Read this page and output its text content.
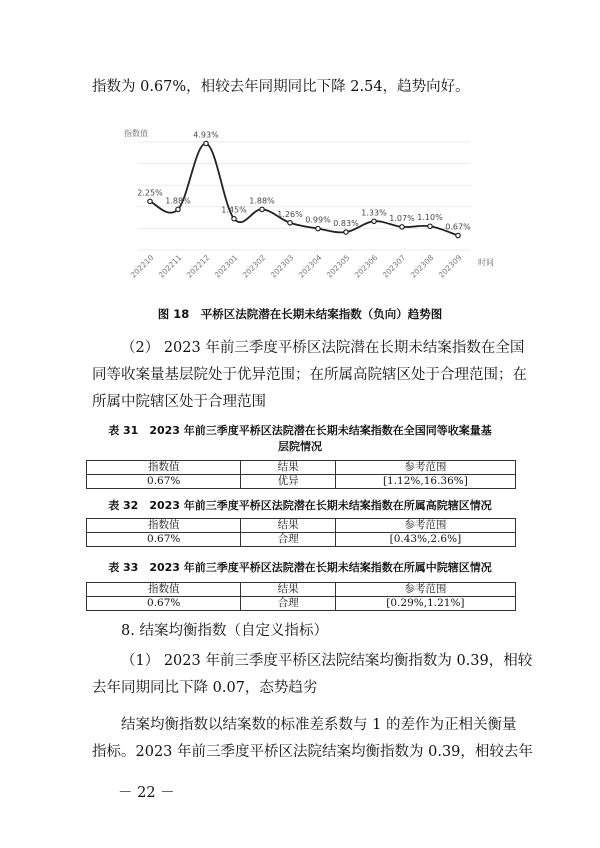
指数为 0.67%，相较去年同期同比下降 2.54，趋势向好。
指数值
时间
2.25%
1.88%
4.93%
1.45%
1.88%
1.26%
0.99% 0.83%
1.33%
1.07% 1.10%
0.67%
202210 202211 202212 202301 202302 202303 202304 202305 202306 202307 202308 202309
图 18　平桥区法院潜在长期未结案指数（负向）趋势图
（2） 2023 年前三季度平桥区法院潜在长期未结案指数在全国
同等收案量基层院处于优异范围；在所属高院辖区处于合理范围；在
所属中院辖区处于合理范围
表 31　2023 年前三季度平桥区法院潜在长期未结案指数在全国同等收案量基
层院情况
指数值	结果	参考范围
0.67%	优异	[1.12%,16.36%]
表 32　2023 年前三季度平桥区法院潜在长期未结案指数在所属高院辖区情况
指数值	结果	参考范围
0.67%	合理	[0.43%,2.6%]
表 33　2023 年前三季度平桥区法院潜在长期未结案指数在所属中院辖区情况
指数值	结果	参考范围
0.67%	合理	[0.29%,1.21%]
8. 结案均衡指数（自定义指标）
（1） 2023 年前三季度平桥区法院结案均衡指数为 0.39，相较
去年同期同比下降 0.07，态势趋劣
结案均衡指数以结案数的标准差系数与 1 的差作为正相关衡量
指标。2023 年前三季度平桥区法院结案均衡指数为 0.39，相较去年
－ 22 －
